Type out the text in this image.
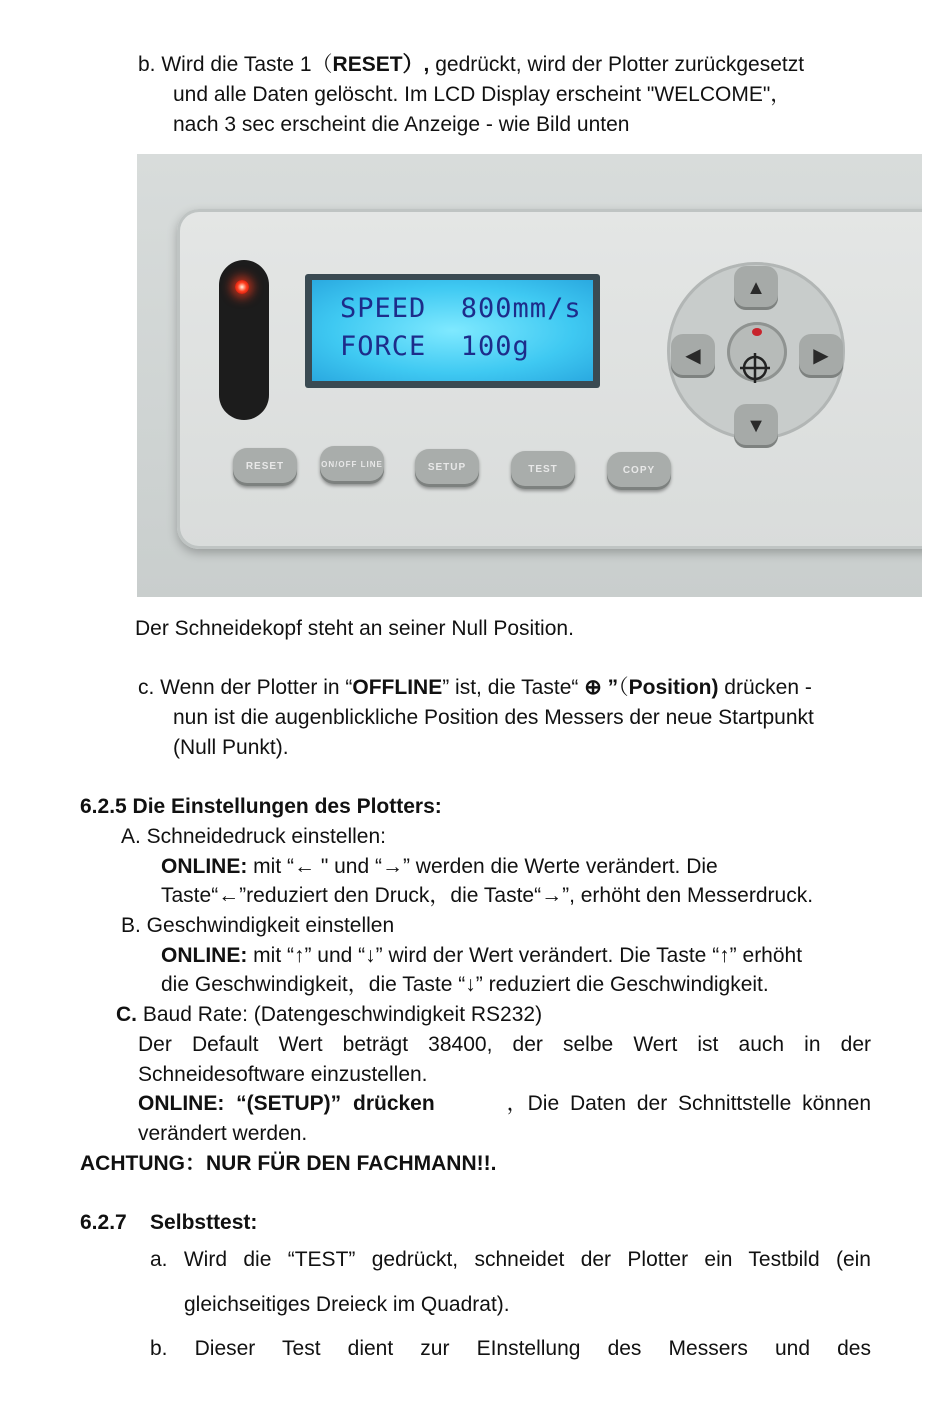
b. Wird die Taste 1（RESET）, gedrückt, wird der Plotter zurückgesetzt
und alle Daten gelöscht. Im LCD Display erscheint "WELCOME"，
nach 3 sec erscheint die Anzeige - wie Bild unten
SPEED  800mm/s
FORCE  100g
RESET	ON/OFF LINE	SETUP	TEST	COPY
▲
▼
◀	▶
Der Schneidekopf steht an seiner Null Position.
c. Wenn der Plotter in “OFFLINE” ist, die Taste“ ⊕ ”（Position) drücken -
nun ist die augenblickliche Position des Messers der neue Startpunkt
(Null Punkt).
6.2.5 Die Einstellungen des Plotters:
A. Schneidedruck einstellen:
ONLINE: mit “← " und “→” werden die Werte verändert. Die
Taste“←”reduziert den Druck，die Taste“→”, erhöht den Messerdruck.
B. Geschwindigkeit einstellen
ONLINE: mit “↑” und “↓” wird der Wert verändert. Die Taste “↑” erhöht
die Geschwindigkeit，die Taste “↓” reduziert die Geschwindigkeit.
C. Baud Rate: (Datengeschwindigkeit RS232)
Der Default Wert beträgt 38400, der selbe Wert ist auch in der
Schneidesoftware einzustellen.
ONLINE: “(SETUP)” drücken	，Die Daten der Schnittstelle können
verändert werden.
ACHTUNG：NUR FÜR DEN FACHMANN!!.
6.2.7    Selbsttest:
a. Wird die “TEST” gedrückt, schneidet der Plotter ein Testbild (ein
gleichseitiges Dreieck im Quadrat).
b. Dieser Test dient zur EInstellung des Messers und des
